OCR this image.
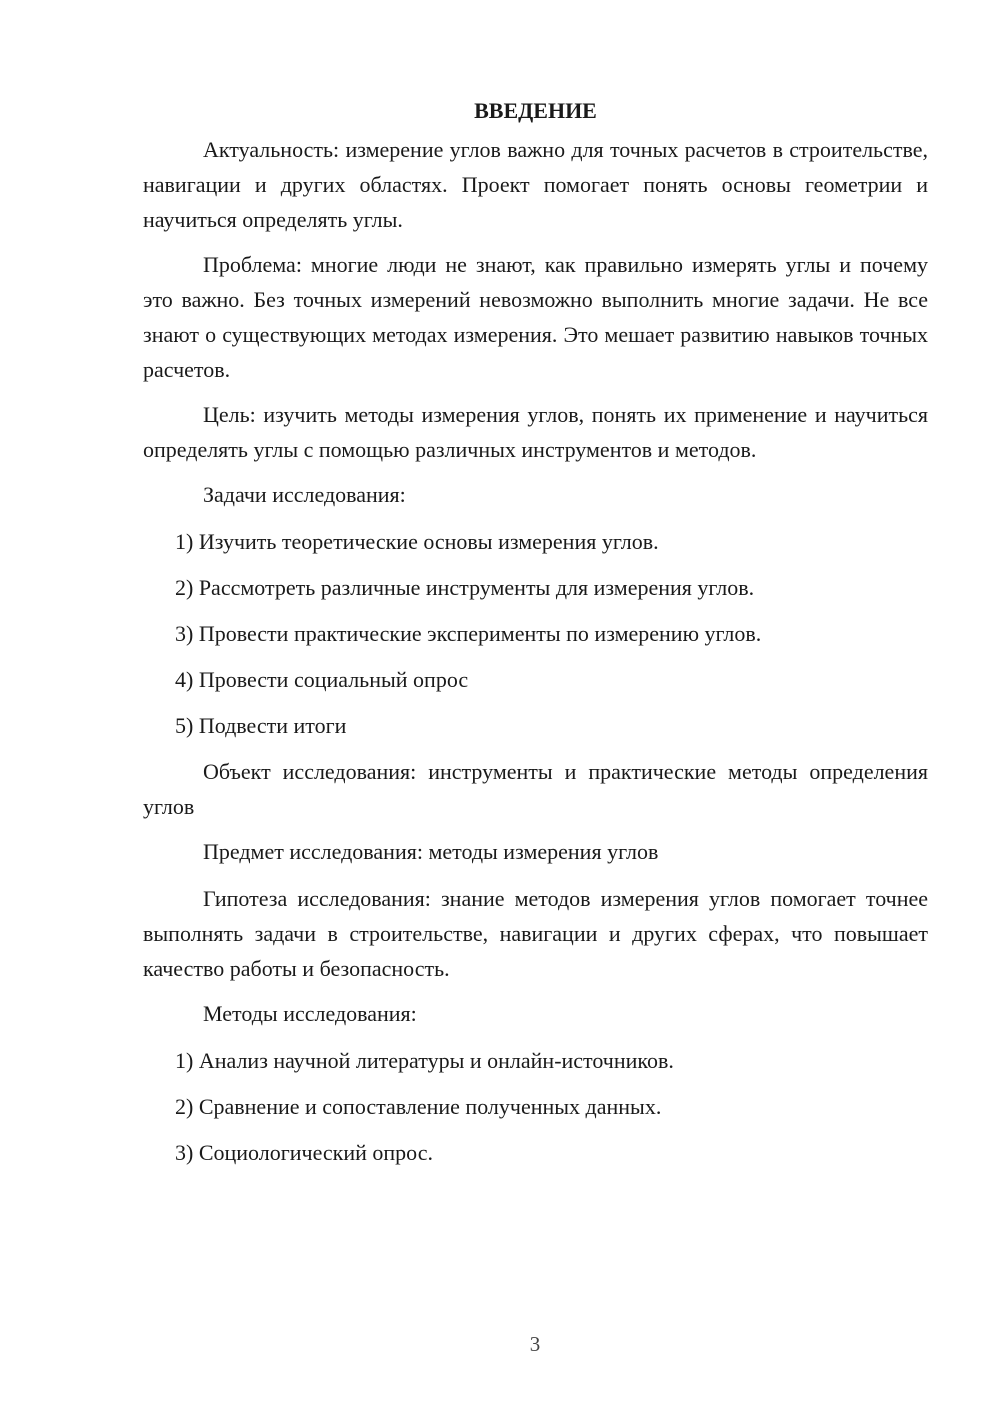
ВВЕДЕНИЕ

Актуальность: измерение углов важно для точных расчетов в строительстве, навигации и других областях. Проект помогает понять основы геометрии и научиться определять углы.

Проблема: многие люди не знают, как правильно измерять углы и почему это важно. Без точных измерений невозможно выполнить многие задачи. Не все знают о существующих методах измерения. Это мешает развитию навыков точных расчетов.

Цель: изучить методы измерения углов, понять их применение и научиться определять углы с помощью различных инструментов и методов.

Задачи исследования:

1) Изучить теоретические основы измерения углов.
2) Рассмотреть различные инструменты для измерения углов.
3) Провести практические эксперименты по измерению углов.
4) Провести социальный опрос
5) Подвести итоги

Объект исследования: инструменты и практические методы определения углов

Предмет исследования: методы измерения углов

Гипотеза исследования: знание методов измерения углов помогает точнее выполнять задачи в строительстве, навигации и других сферах, что повышает качество работы и безопасность.

Методы исследования:

1) Анализ научной литературы и онлайн-источников.
2) Сравнение и сопоставление полученных данных.
3) Социологический опрос.
3
